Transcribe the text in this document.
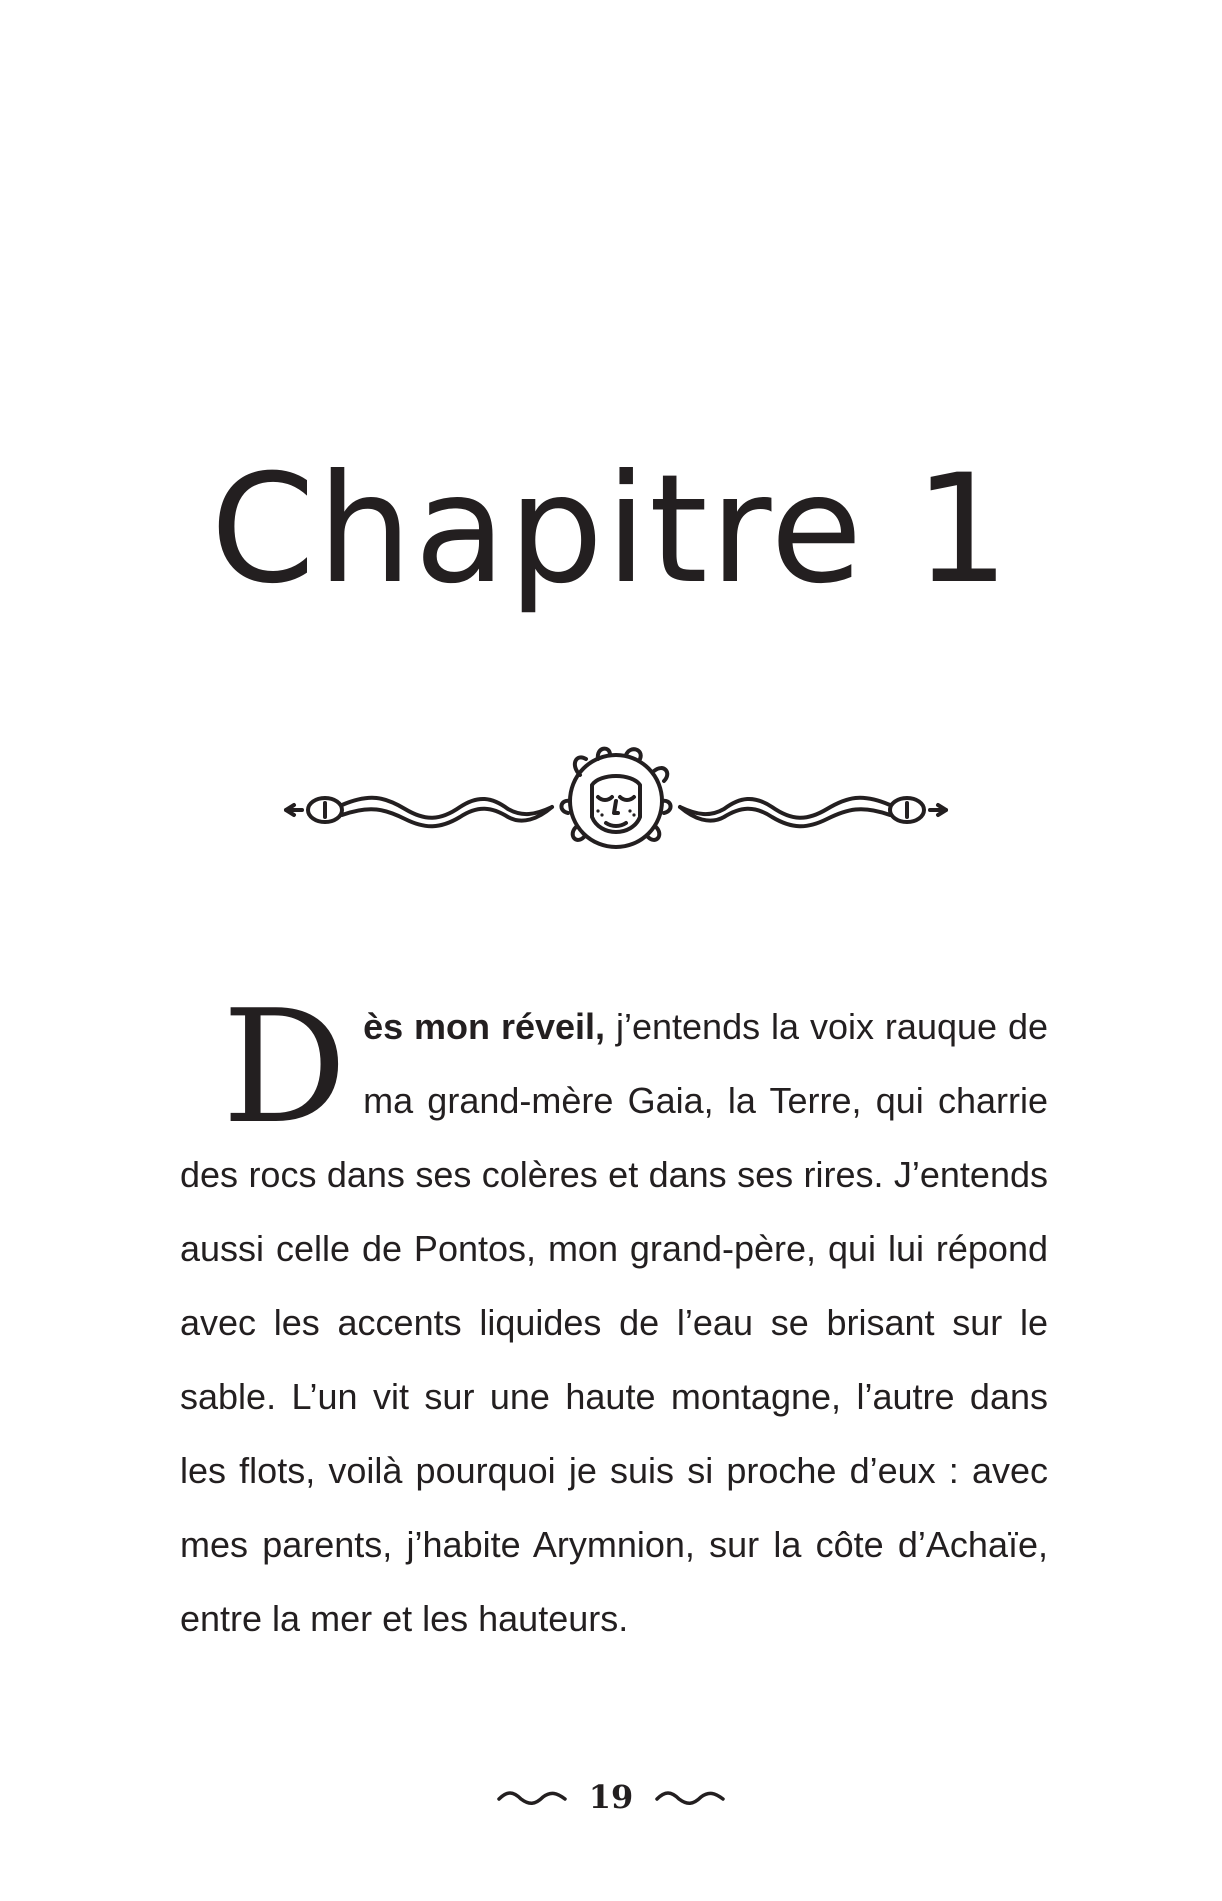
Chapitre 1

Dès mon réveil, j’entends la voix rauque de ma grand-mère Gaia, la Terre, qui charrie des rocs dans ses colères et dans ses rires. J’entends aussi celle de Pontos, mon grand-père, qui lui répond avec les accents liquides de l’eau se brisant sur le sable. L’un vit sur une haute montagne, l’autre dans les flots, voilà pourquoi je suis si proche d’eux : avec mes parents, j’habite Arymnion, sur la côte d’Achaïe, entre la mer et les hauteurs.

19
